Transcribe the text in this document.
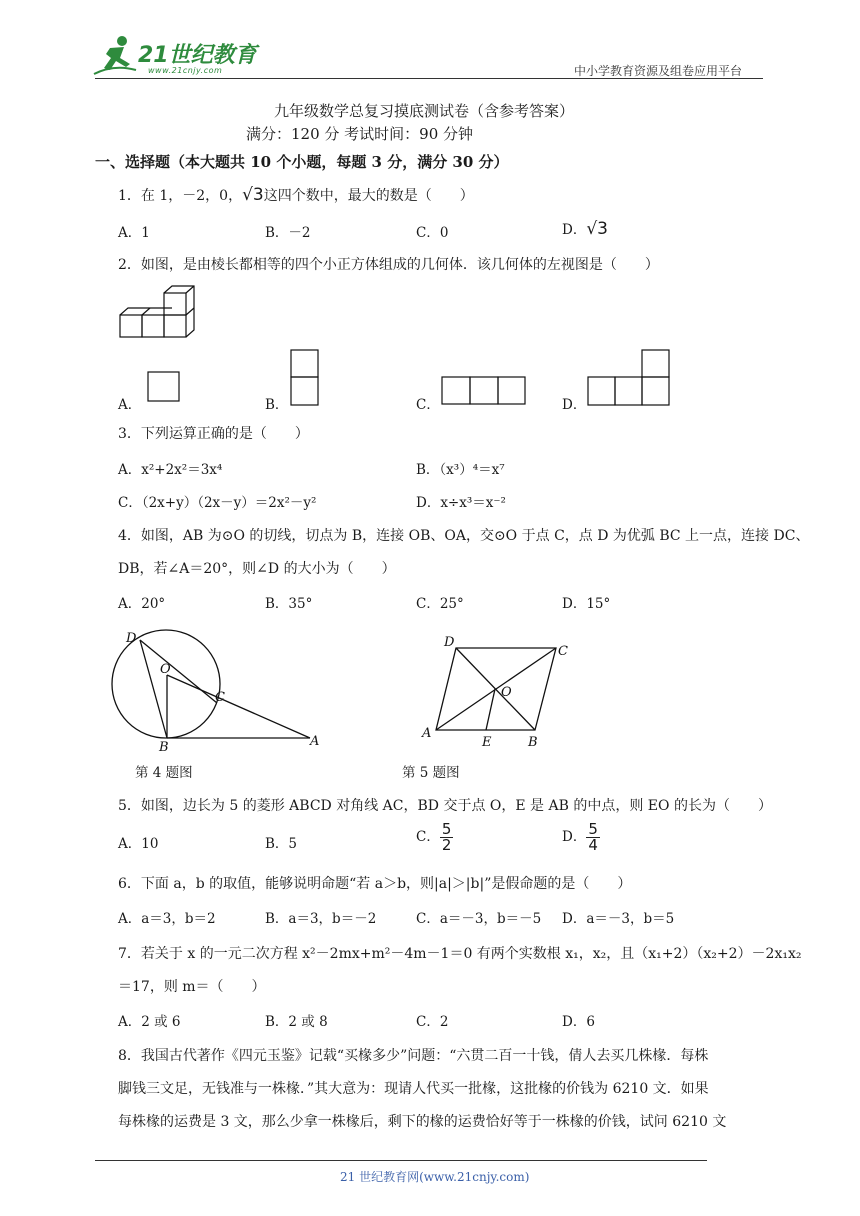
21世纪教育
www.21cnjy.com	中小学教育资源及组卷应用平台
九年级数学总复习摸底测试卷（含参考答案）
满分：120 分 考试时间：90 分钟
一、选择题（本大题共 10 个小题，每题 3 分，满分 30 分）
1．在 1，－2，0，√3这四个数中，最大的数是（　　）
A．1	B．－2	C．0	D．√3
2．如图，是由棱长都相等的四个小正方体组成的几何体．该几何体的左视图是（　　）
A．	B．	C．	D．
3．下列运算正确的是（　　）
A．x²+2x²＝3x⁴	B．（x³）⁴＝x⁷
C．（2x+y）（2x－y）＝2x²－y²	D．x÷x³＝x⁻²
4．如图，AB 为⊙O 的切线，切点为 B，连接 OB、OA，交⊙O 于点 C，点 D 为优弧 BC 上一点，连接 DC、
DB，若∠A＝20°，则∠D 的大小为（　　）
A．20°	B．35°	C．25°	D．15°
D
O
C
B	A
第 4 题图
D
C
O
A
E	B
第 5 题图
5．如图，边长为 5 的菱形 ABCD 对角线 AC，BD 交于点 O，E 是 AB 的中点，则 EO 的长为（　　）
A．10	B．5	C． $\frac{5}{2}$	D． $\frac{5}{4}$
6．下面 a，b 的取值，能够说明命题“若 a＞b，则|a|＞|b|”是假命题的是（　　）
A．a＝3，b＝2	B．a＝3，b＝－2	C．a＝－3，b＝－5 D．a＝－3，b＝5
7．若关于 x 的一元二次方程 x²－2mx+m²－4m－1＝0 有两个实数根 x₁，x₂，且（x₁+2）（x₂+2）－2x₁x₂
＝17，则 m＝（　　）
A．2 或 6	B．2 或 8	C．2	D．6
8．我国古代著作《四元玉鉴》记载“买椽多少”问题：“六贯二百一十钱，倩人去买几株椽．每株
脚钱三文足，无钱准与一株椽．”其大意为：现请人代买一批椽，这批椽的价钱为 6210 文．如果
每株椽的运费是 3 文，那么少拿一株椽后，剩下的椽的运费恰好等于一株椽的价钱，试问 6210 文
21 世纪教育网(www.21cnjy.com)
